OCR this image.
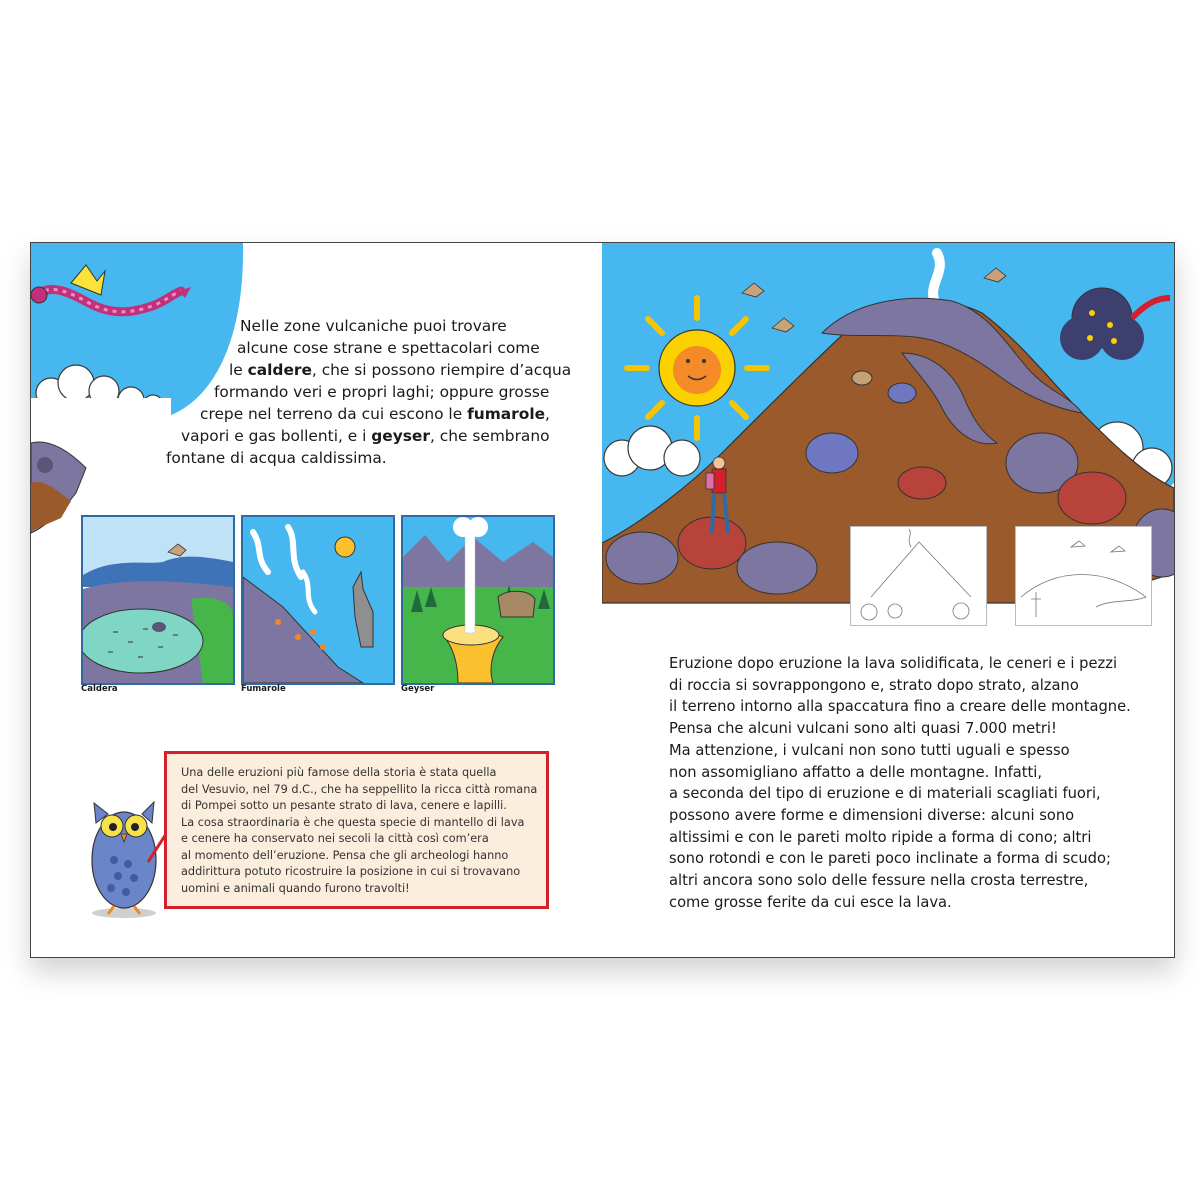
Nelle zone vulcaniche puoi trovare
alcune cose strane e spettacolari come
le caldere, che si possono riempire d’acqua
formando veri e propri laghi; oppure grosse
crepe nel terreno da cui escono le fumarole,
vapori e gas bollenti, e i geyser, che sembrano
fontane di acqua caldissima.
Caldera	Fumarole	Geyser
Una delle eruzioni più famose della storia è stata quella
del Vesuvio, nel 79 d.C., che ha seppellito la ricca città romana
di Pompei sotto un pesante strato di lava, cenere e lapilli.
La cosa straordinaria è che questa specie di mantello di lava
e cenere ha conservato nei secoli la città così com’era
al momento dell’eruzione. Pensa che gli archeologi hanno
addirittura potuto ricostruire la posizione in cui si trovavano
uomini e animali quando furono travolti!
Eruzione dopo eruzione la lava solidificata, le ceneri e i pezzi
di roccia si sovrappongono e, strato dopo strato, alzano
il terreno intorno alla spaccatura fino a creare delle montagne.
Pensa che alcuni vulcani sono alti quasi 7.000 metri!
Ma attenzione, i vulcani non sono tutti uguali e spesso
non assomigliano affatto a delle montagne. Infatti,
a seconda del tipo di eruzione e di materiali scagliati fuori,
possono avere forme e dimensioni diverse: alcuni sono
altissimi e con le pareti molto ripide a forma di cono; altri
sono rotondi e con le pareti poco inclinate a forma di scudo;
altri ancora sono solo delle fessure nella crosta terrestre,
come grosse ferite da cui esce la lava.
